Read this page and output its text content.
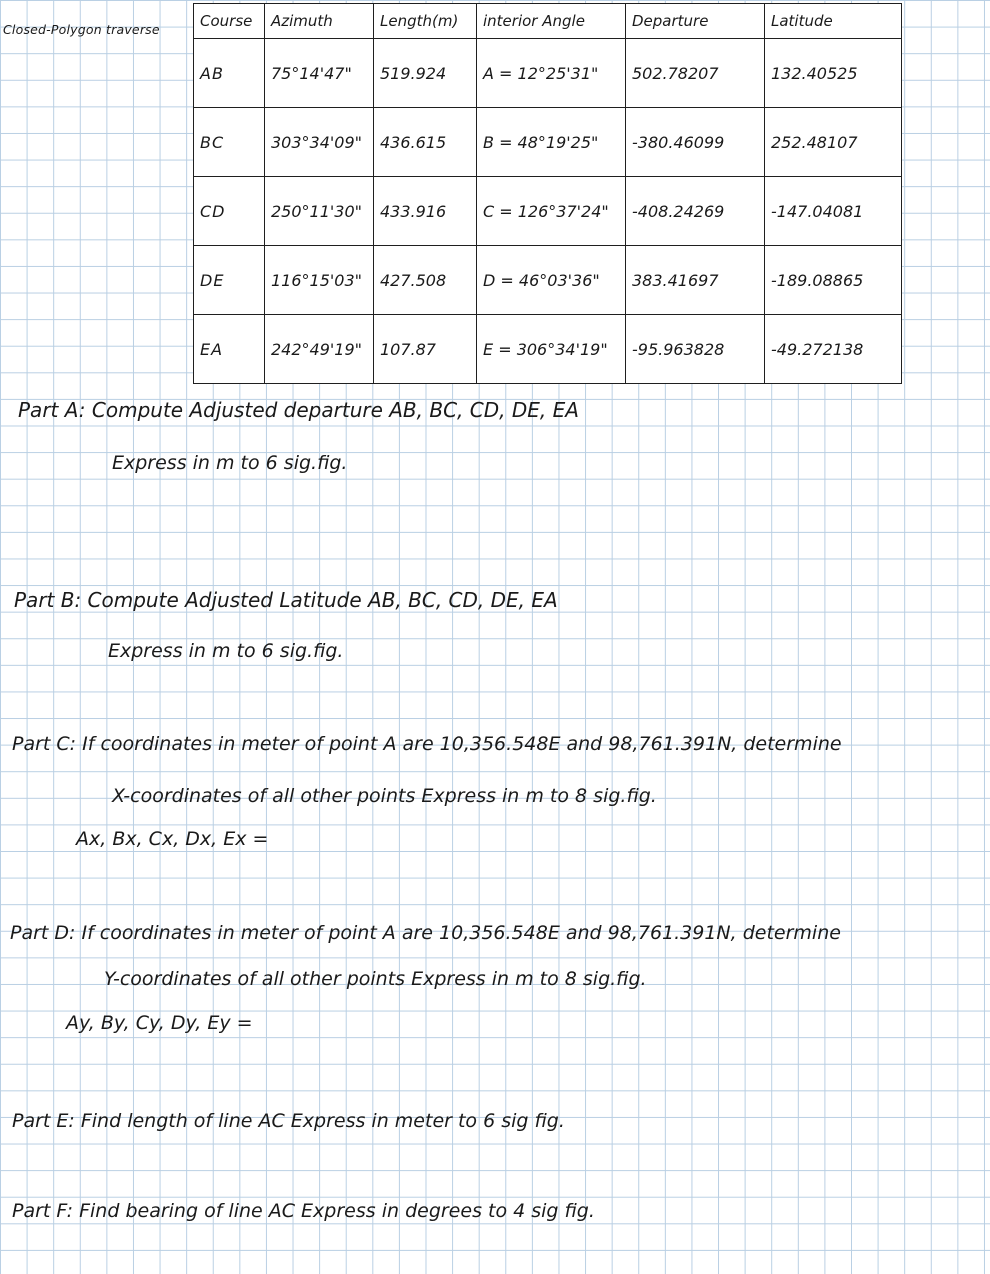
Closed-Polygon traverse	Course	Azimuth	Length(m)	interior Angle	Departure	Latitude
AB	75°14'47"	519.924	A = 12°25'31"	502.78207	132.40525
BC	303°34'09"	436.615	B = 48°19'25"	-380.46099	252.48107
CD	250°11'30"	433.916	C = 126°37'24"	-408.24269	-147.04081
DE	116°15'03"	427.508	D = 46°03'36"	383.41697	-189.08865
EA	242°49'19"	107.87	E = 306°34'19"	-95.963828	-49.272138
Part A: Compute Adjusted departure AB, BC, CD, DE, EA
Express in m to 6 sig.fig.
Part B: Compute Adjusted Latitude AB, BC, CD, DE, EA
Express in m to 6 sig.fig.
Part C: If coordinates in meter of point A are 10,356.548E and 98,761.391N, determine
X-coordinates of all other points Express in m to 8 sig.fig.
Ax, Bx, Cx, Dx, Ex =
Part D: If coordinates in meter of point A are 10,356.548E and 98,761.391N, determine
Y-coordinates of all other points Express in m to 8 sig.fig.
Ay, By, Cy, Dy, Ey =
Part E: Find length of line AC Express in meter to 6 sig fig.
Part F: Find bearing of line AC Express in degrees to 4 sig fig.
